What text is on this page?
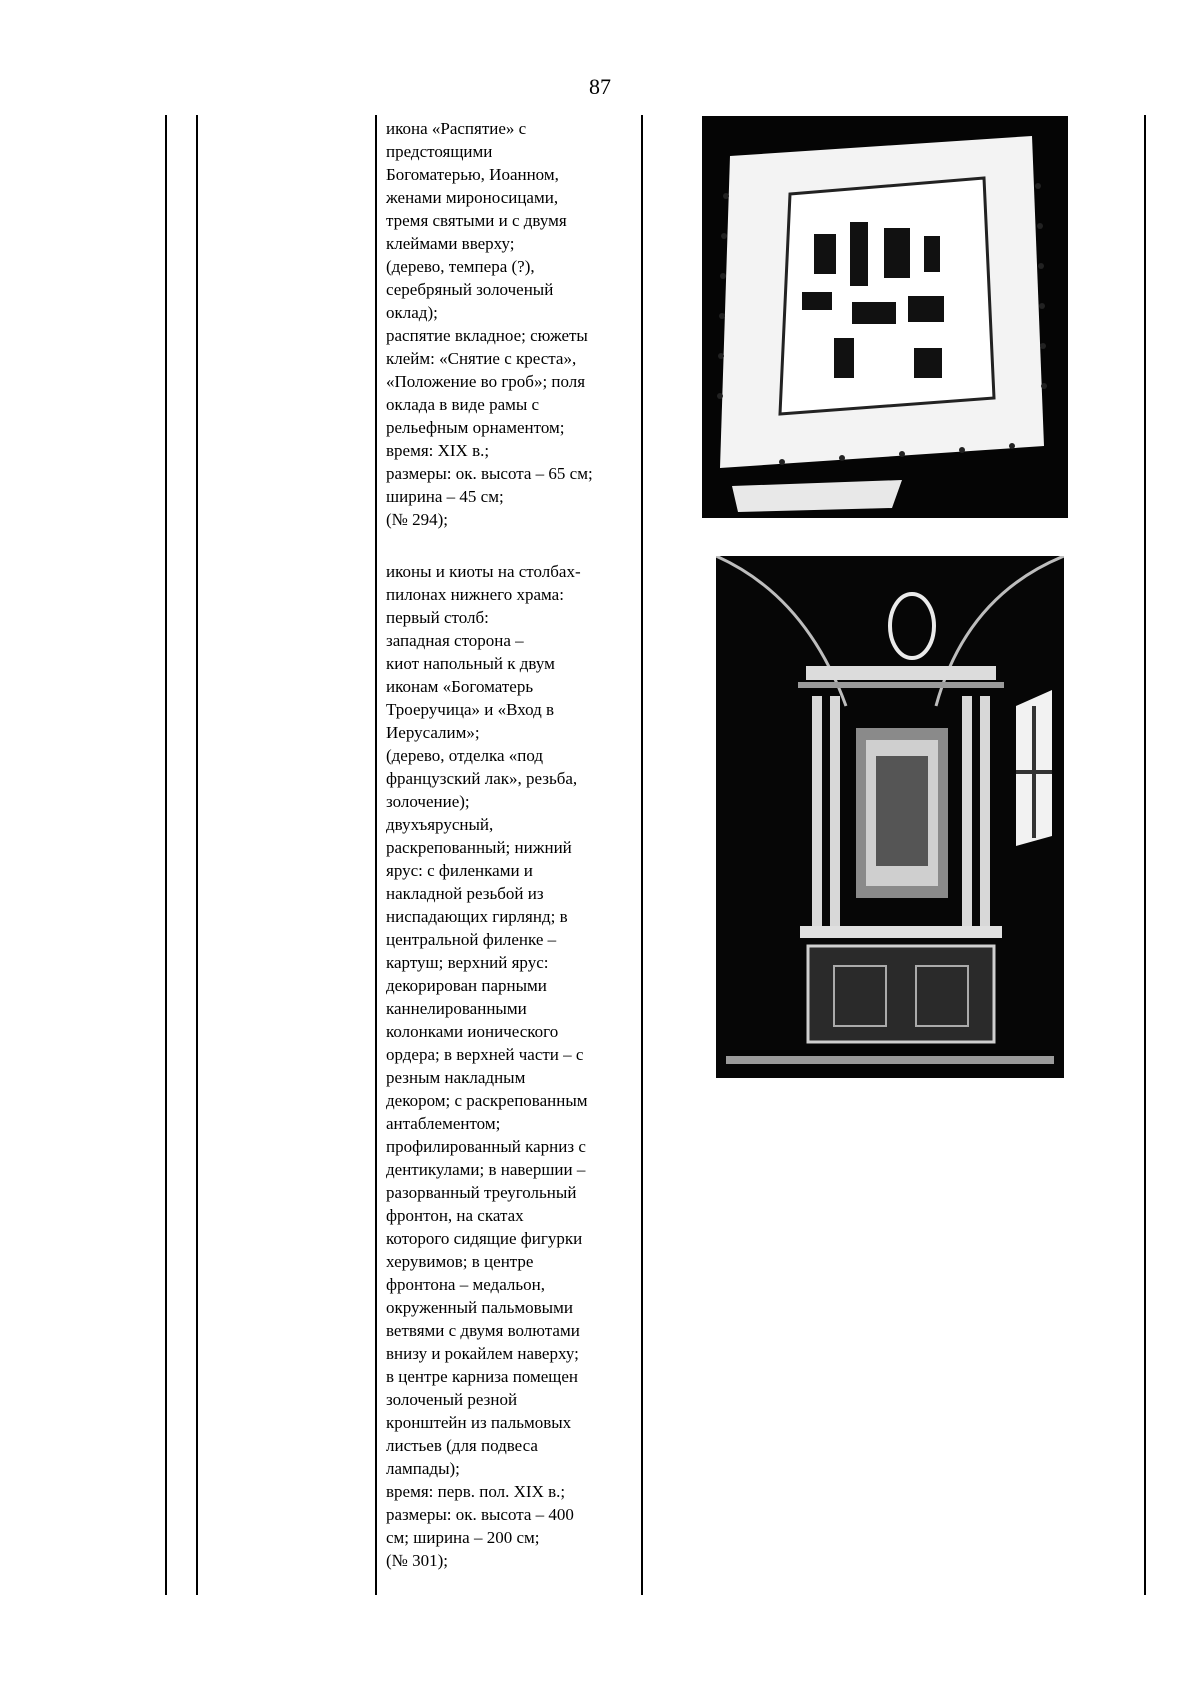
87

икона «Распятие» с

предстоящими

Богоматерью, Иоанном,

женами мироносицами,

тремя святыми и с двумя

клеймами вверху;

(дерево, темпера (?),

серебряный золоченый

оклад);

распятие вкладное; сюжеты

клейм: «Снятие с креста»,

«Положение во гроб»; поля

оклада в виде рамы с

рельефным орнаментом;

время: XIX в.;

размеры: ок. высота – 65 см;

ширина – 45 см;

(№ 294);

иконы и киоты на столбах-

пилонах нижнего храма:

первый столб:

западная сторона –

киот напольный к двум

иконам «Богоматерь

Троеручица» и «Вход в

Иерусалим»;

(дерево, отделка «под

французский лак», резьба,

золочение);

двухъярусный,

раскрепованный; нижний

ярус: с филенками и

накладной резьбой из

ниспадающих гирлянд; в

центральной филенке –

картуш; верхний ярус:

декорирован парными

каннелированными

колонками ионического

ордера; в верхней части – с

резным накладным

декором; с раскрепованным

антаблементом;

профилированный карниз с

дентикулами; в навершии –

разорванный треугольный

фронтон, на скатах

которого сидящие фигурки

херувимов; в центре

фронтона – медальон,

окруженный пальмовыми

ветвями с двумя волютами

внизу и рокайлем наверху;

в центре карниза помещен

золоченый резной

кронштейн из пальмовых

листьев (для подвеса

лампады);

время: перв. пол. XIX в.;

размеры: ок. высота – 400

см; ширина – 200 см;

(№ 301);
